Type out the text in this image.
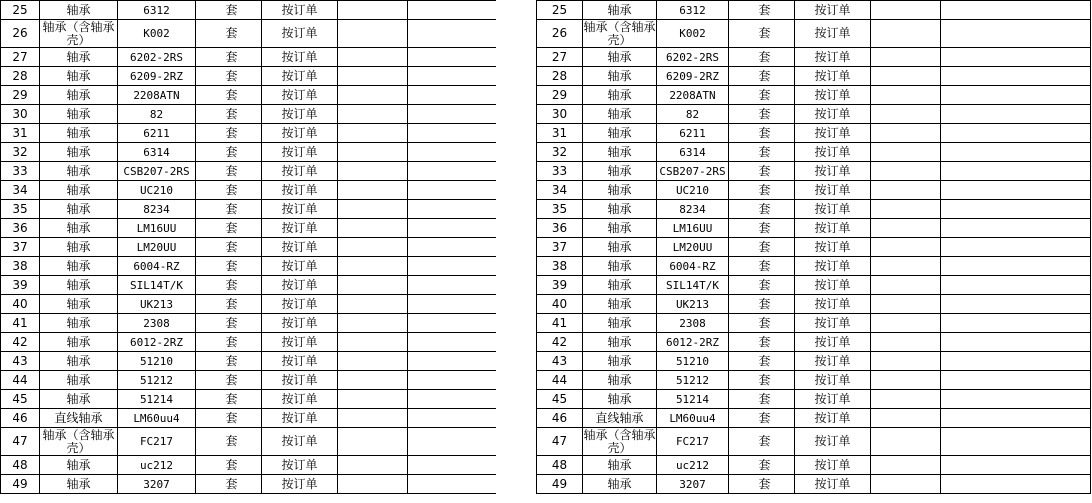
25	轴承	6312	套	按订单		
26	轴承（含轴承壳）	K002	套	按订单		
27	轴承	6202-2RS	套	按订单		
28	轴承	6209-2RZ	套	按订单		
29	轴承	2208ATN	套	按订单		
30	轴承	82	套	按订单		
31	轴承	6211	套	按订单		
32	轴承	6314	套	按订单		
33	轴承	CSB207-2RS	套	按订单		
34	轴承	UC210	套	按订单		
35	轴承	8234	套	按订单		
36	轴承	LM16UU	套	按订单		
37	轴承	LM20UU	套	按订单		
38	轴承	6004-RZ	套	按订单		
39	轴承	SIL14T/K	套	按订单		
40	轴承	UK213	套	按订单		
41	轴承	2308	套	按订单		
42	轴承	6012-2RZ	套	按订单		
43	轴承	51210	套	按订单		
44	轴承	51212	套	按订单		
45	轴承	51214	套	按订单		
46	直线轴承	LM60uu4	套	按订单		
47	轴承（含轴承壳）	FC217	套	按订单		
48	轴承	uc212	套	按订单		
49	轴承	3207	套	按订单		
25	轴承	6312	套	按订单		
26	轴承（含轴承壳）	K002	套	按订单		
27	轴承	6202-2RS	套	按订单		
28	轴承	6209-2RZ	套	按订单		
29	轴承	2208ATN	套	按订单		
30	轴承	82	套	按订单		
31	轴承	6211	套	按订单		
32	轴承	6314	套	按订单		
33	轴承	CSB207-2RS	套	按订单		
34	轴承	UC210	套	按订单		
35	轴承	8234	套	按订单		
36	轴承	LM16UU	套	按订单		
37	轴承	LM20UU	套	按订单		
38	轴承	6004-RZ	套	按订单		
39	轴承	SIL14T/K	套	按订单		
40	轴承	UK213	套	按订单		
41	轴承	2308	套	按订单		
42	轴承	6012-2RZ	套	按订单		
43	轴承	51210	套	按订单		
44	轴承	51212	套	按订单		
45	轴承	51214	套	按订单		
46	直线轴承	LM60uu4	套	按订单		
47	轴承（含轴承壳）	FC217	套	按订单		
48	轴承	uc212	套	按订单		
49	轴承	3207	套	按订单		
